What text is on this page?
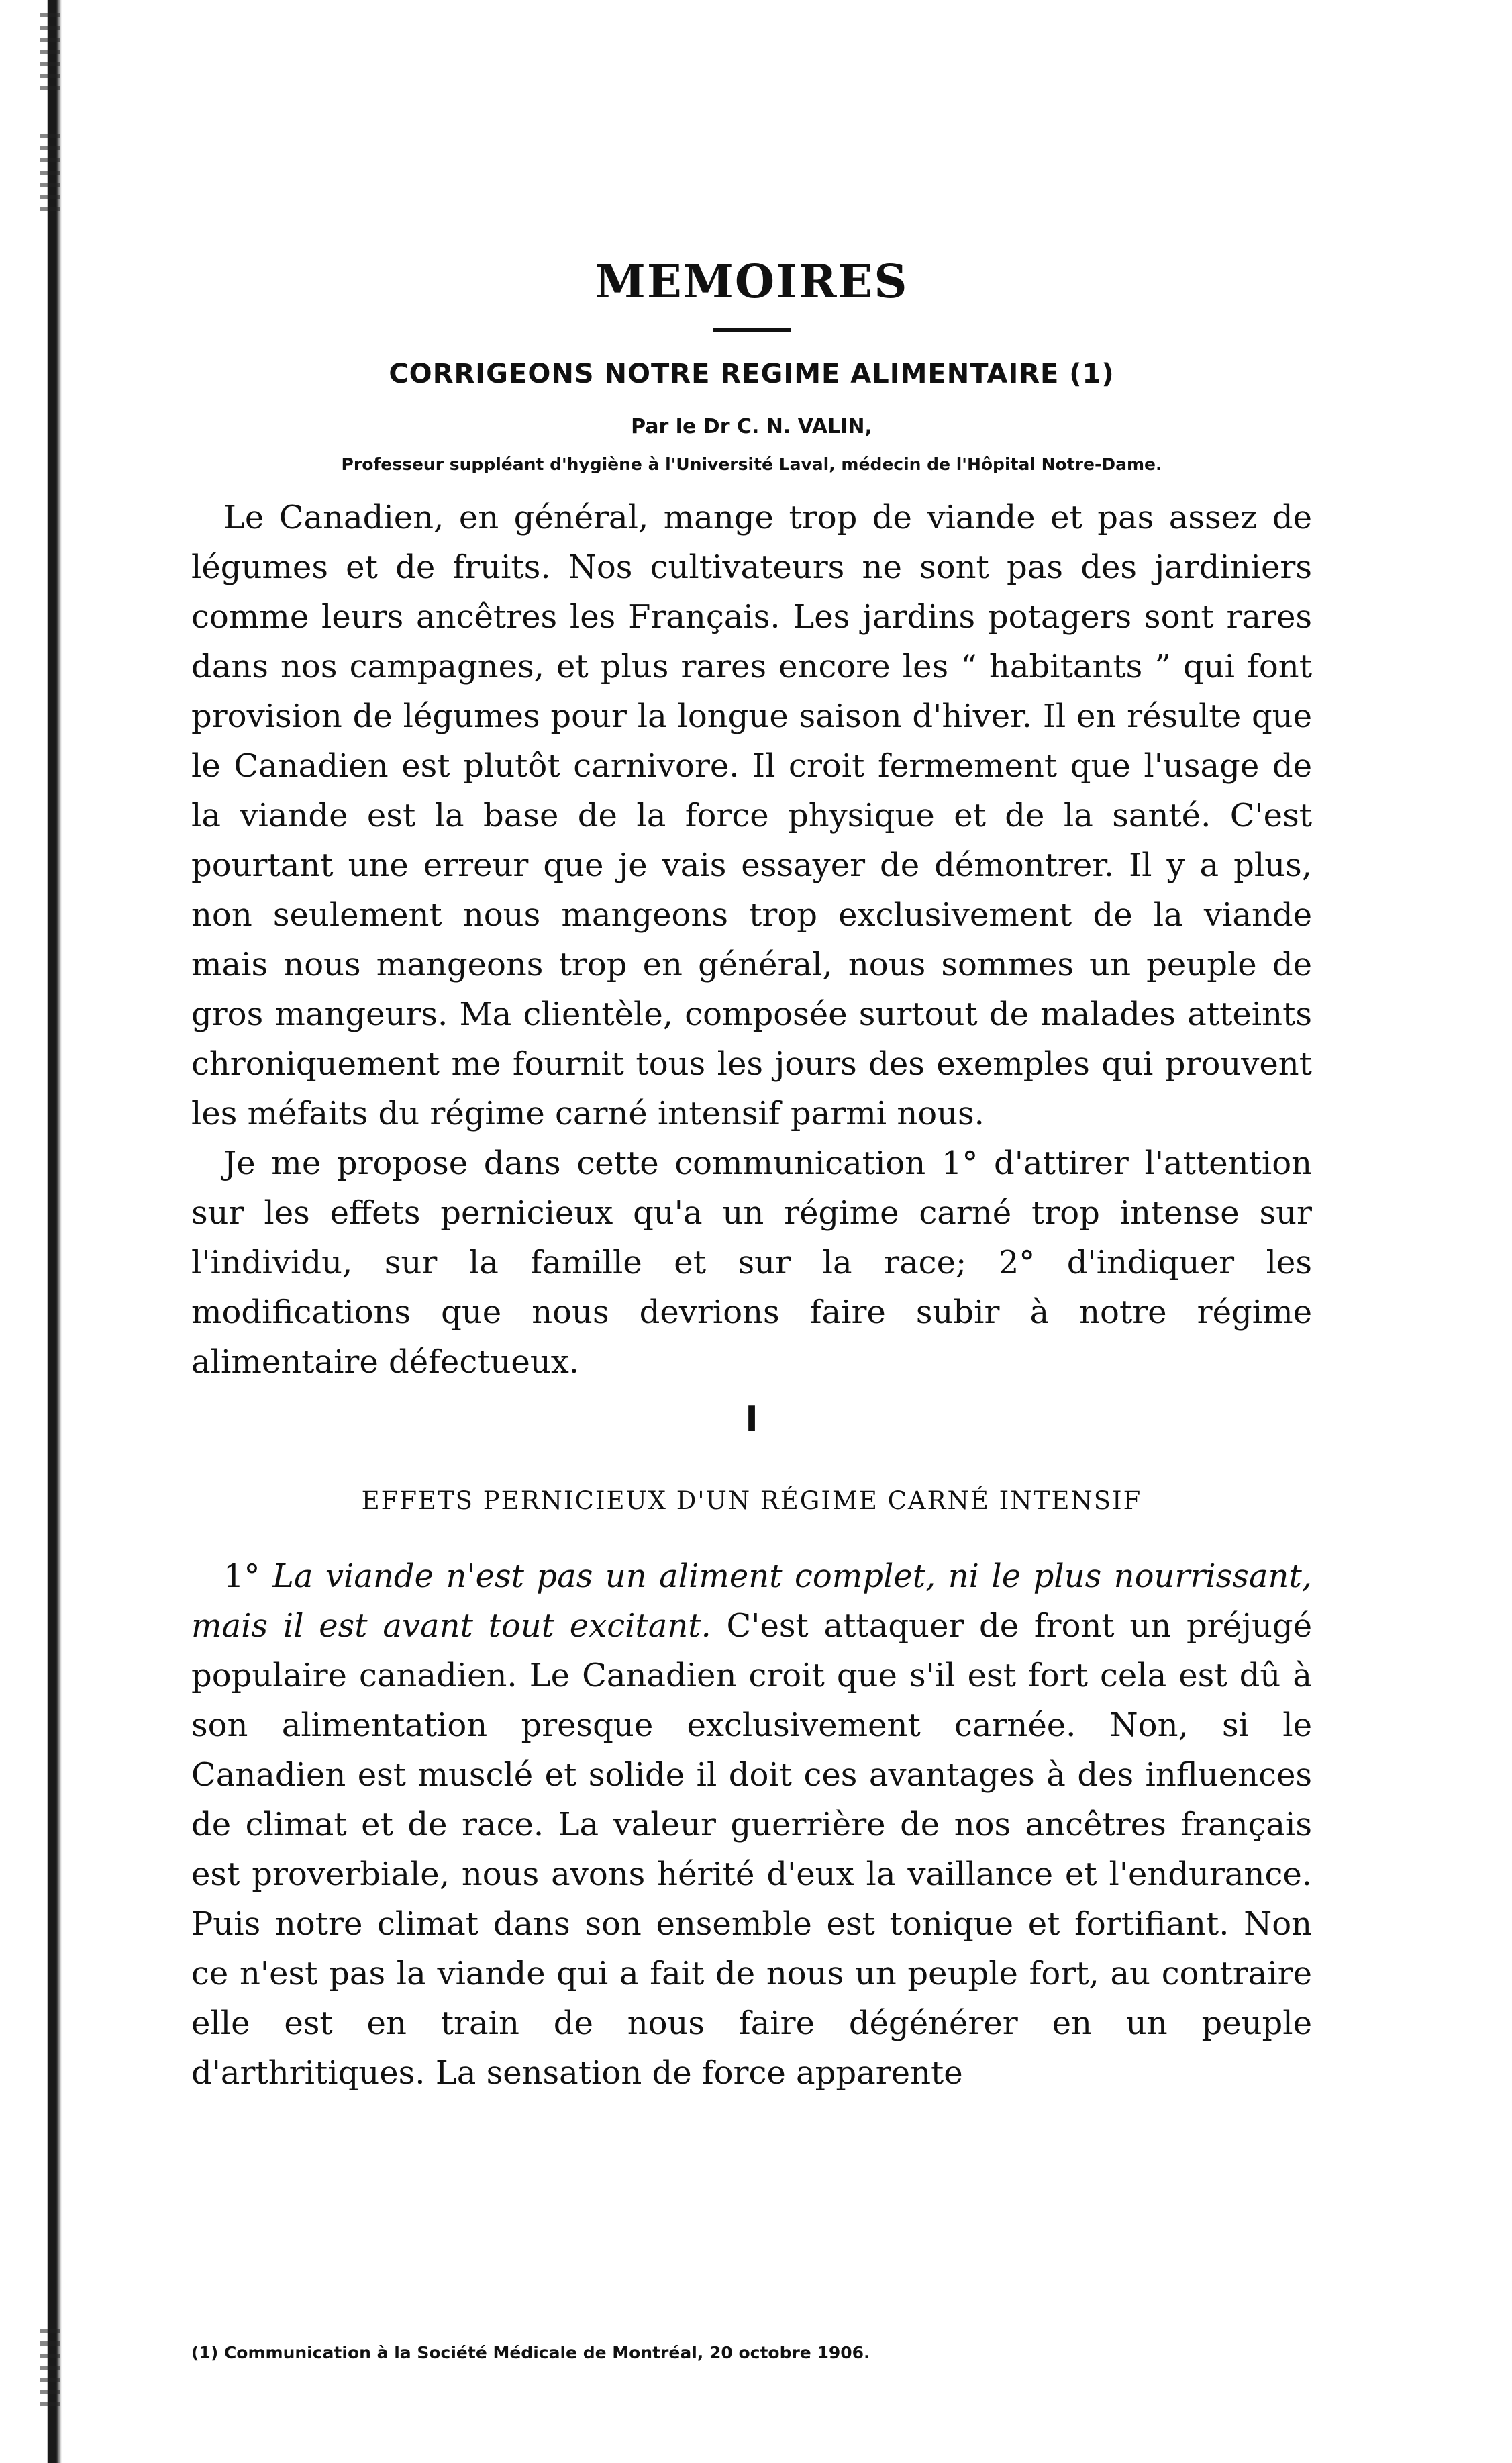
MEMOIRES
CORRIGEONS NOTRE REGIME ALIMENTAIRE (1)
Par le Dr C. N. VALIN,
Professeur suppléant d'hygiène à l'Université Laval, médecin de l'Hôpital Notre-Dame.

Le Canadien, en général, mange trop de viande et pas assez de légumes et de fruits. Nos cultivateurs ne sont pas des jardiniers comme leurs ancêtres les Français. Les jardins potagers sont rares dans nos campagnes, et plus rares encore les “ habitants ” qui font provision de légumes pour la longue saison d'hiver. Il en résulte que le Canadien est plutôt carnivore. Il croit fermement que l'usage de la viande est la base de la force physique et de la santé. C'est pourtant une erreur que je vais essayer de démontrer. Il y a plus, non seulement nous mangeons trop exclusivement de la viande mais nous mangeons trop en général, nous sommes un peuple de gros mangeurs. Ma clientèle, composée surtout de malades atteints chroniquement me fournit tous les jours des exemples qui prouvent les méfaits du régime carné intensif parmi nous.

Je me propose dans cette communication 1° d'attirer l'attention sur les effets pernicieux qu'a un régime carné trop intense sur l'individu, sur la famille et sur la race; 2° d'indiquer les modifications que nous devrions faire subir à notre régime alimentaire défectueux.

I
EFFETS PERNICIEUX D'UN RÉGIME CARNÉ INTENSIF

1° La viande n'est pas un aliment complet, ni le plus nourrissant, mais il est avant tout excitant. C'est attaquer de front un préjugé populaire canadien. Le Canadien croit que s'il est fort cela est dû à son alimentation presque exclusivement carnée. Non, si le Canadien est musclé et solide il doit ces avantages à des influences de climat et de race. La valeur guerrière de nos ancêtres français est proverbiale, nous avons hérité d'eux la vaillance et l'endurance. Puis notre climat dans son ensemble est tonique et fortifiant. Non ce n'est pas la viande qui a fait de nous un peuple fort, au contraire elle est en train de nous faire dégénérer en un peuple d'arthritiques. La sensation de force apparente

(1) Communication à la Société Médicale de Montréal, 20 octobre 1906.
